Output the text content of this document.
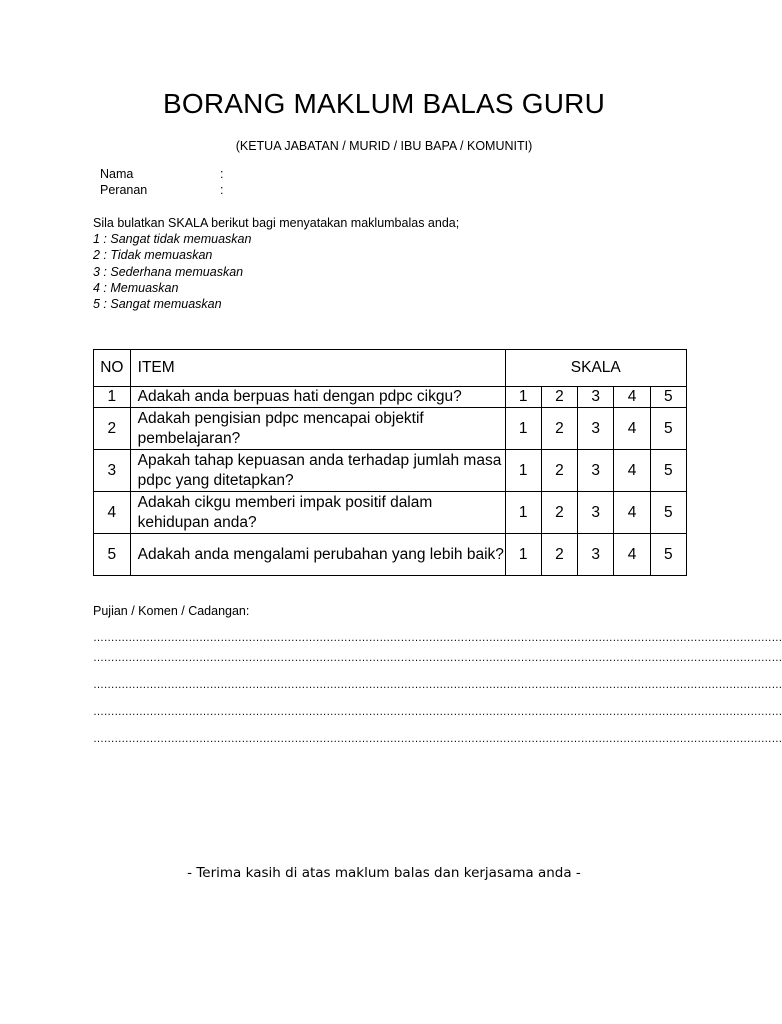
BORANG MAKLUM BALAS GURU
(KETUA JABATAN / MURID / IBU BAPA / KOMUNITI)
Nama	:
Peranan	:
Sila bulatkan SKALA berikut bagi menyatakan maklumbalas anda;
1 : Sangat tidak memuaskan
2 : Tidak memuaskan
3 : Sederhana memuaskan
4 : Memuaskan
5 : Sangat memuaskan
NO	ITEM	SKALA				

1	Adakah anda berpuas hati dengan pdpc cikgu?	1	2	3	4	5
2	Adakah pengisian pdpc mencapai objektif pembelajaran?	1	2	3	4	5
3	Apakah tahap kepuasan anda terhadap jumlah masa pdpc yang ditetapkan?	1	2	3	4	5
4	Adakah cikgu memberi impak positif dalam kehidupan anda?	1	2	3	4	5
5	Adakah anda mengalami perubahan yang lebih baik?	1	2	3	4	5
Pujian / Komen / Cadangan:
……………………………………………………………………………………………………………………………………………………………………………
……………………………………………………………………………………………………………………………………………………………………………
……………………………………………………………………………………………………………………………………………………………………………
……………………………………………………………………………………………………………………………………………………………………………
……………………………………………………………………………………………………………………………………………………………………………
- Terima kasih di atas maklum balas dan kerjasama anda -
